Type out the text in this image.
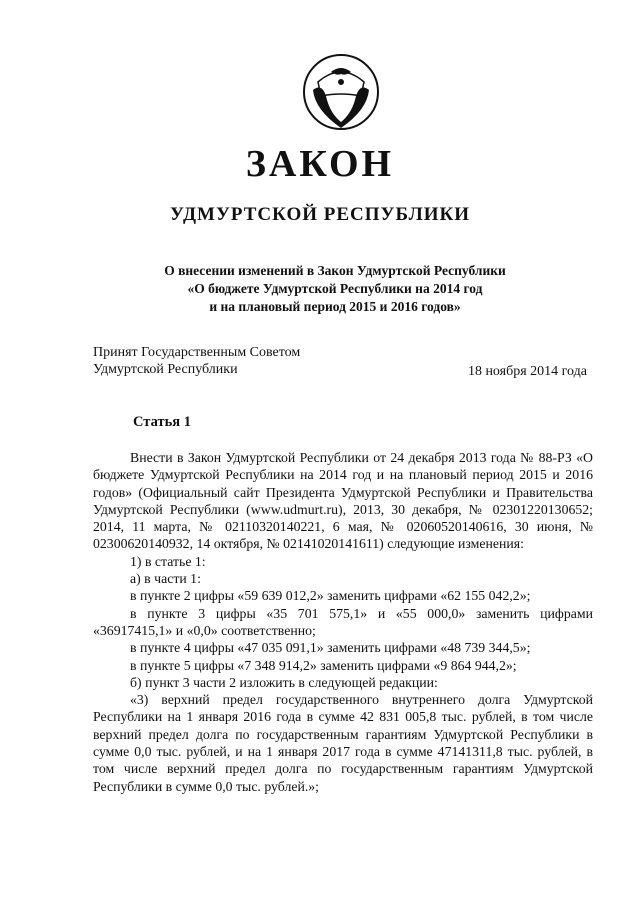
ЗАКОН
УДМУРТСКОЙ РЕСПУБЛИКИ
О внесении изменений в Закон Удмуртской Республики
«О бюджете Удмуртской Республики на 2014 год
и на плановый период 2015 и 2016 годов»
Принят Государственным Советом
Удмуртской Республики	18 ноября 2014 года
Статья 1

Внести в Закон Удмуртской Республики от 24 декабря 2013 года № 88-РЗ «О бюджете Удмуртской Республики на 2014 год и на плановый период 2015 и 2016 годов» (Официальный сайт Президента Удмуртской Республики и Правительства Удмуртской Республики (www.udmurt.ru), 2013, 30 декабря, № 02301220130652; 2014, 11 марта, № 02110320140221, 6 мая, № 02060520140616, 30 июня, № 02300620140932, 14 октября, № 02141020141611) следующие изменения:

1) в статье 1:

а) в части 1:

в пункте 2 цифры «59 639 012,2» заменить цифрами «62 155 042,2»;

в пункте 3 цифры «35 701 575,1» и «55 000,0» заменить цифрами «36917415,1» и «0,0» соответственно;

в пункте 4 цифры «47 035 091,1» заменить цифрами «48 739 344,5»;

в пункте 5 цифры «7 348 914,2» заменить цифрами «9 864 944,2»;

б) пункт 3 части 2 изложить в следующей редакции:

«3) верхний предел государственного внутреннего долга Удмуртской Республики на 1 января 2016 года в сумме 42 831 005,8 тыс. рублей, в том числе верхний предел долга по государственным гарантиям Удмуртской Республики в сумме 0,0 тыс. рублей, и на 1 января 2017 года в сумме 47141311,8 тыс. рублей, в том числе верхний предел долга по государственным гарантиям Удмуртской Республики в сумме 0,0 тыс. рублей.»;
